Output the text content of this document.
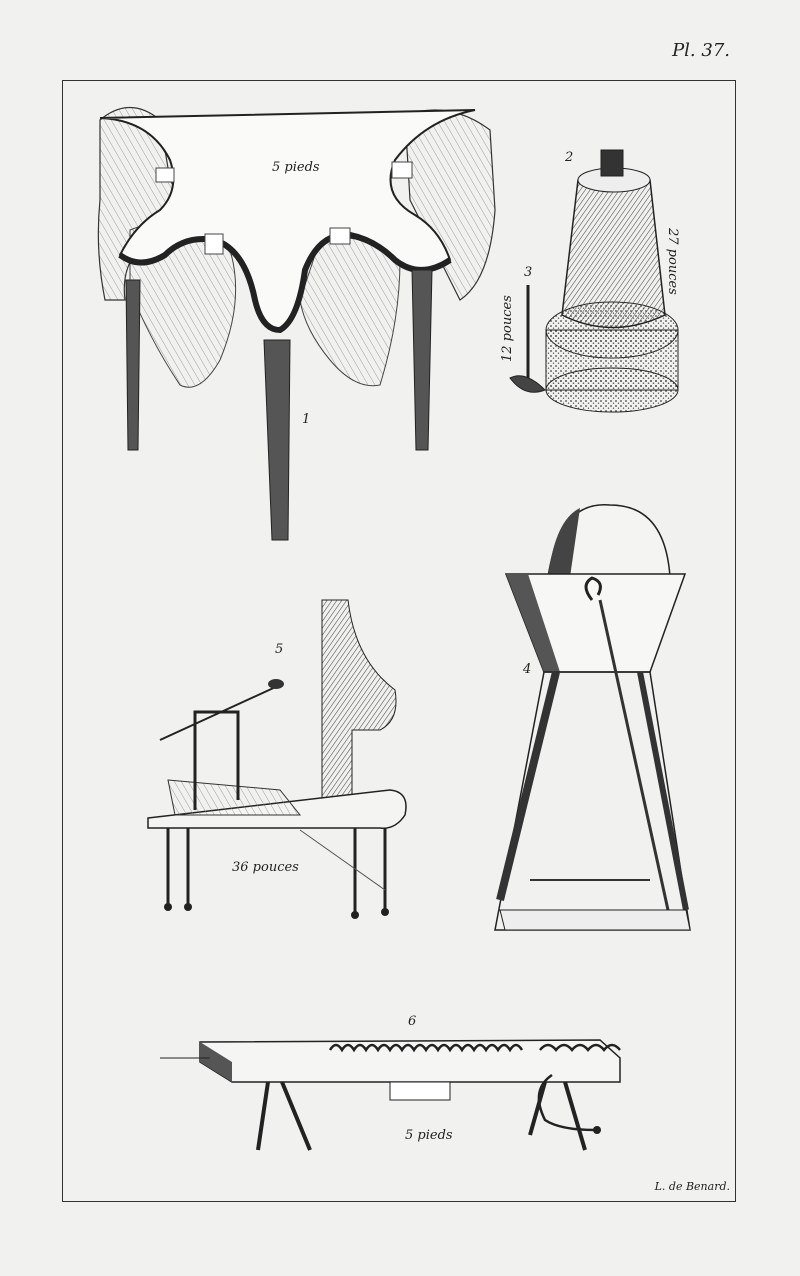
Pl. 37.
1
5 pieds
2
27 pouces
3
12 pouces
4
5
36 pouces
6
5 pieds
L. de Benard.
